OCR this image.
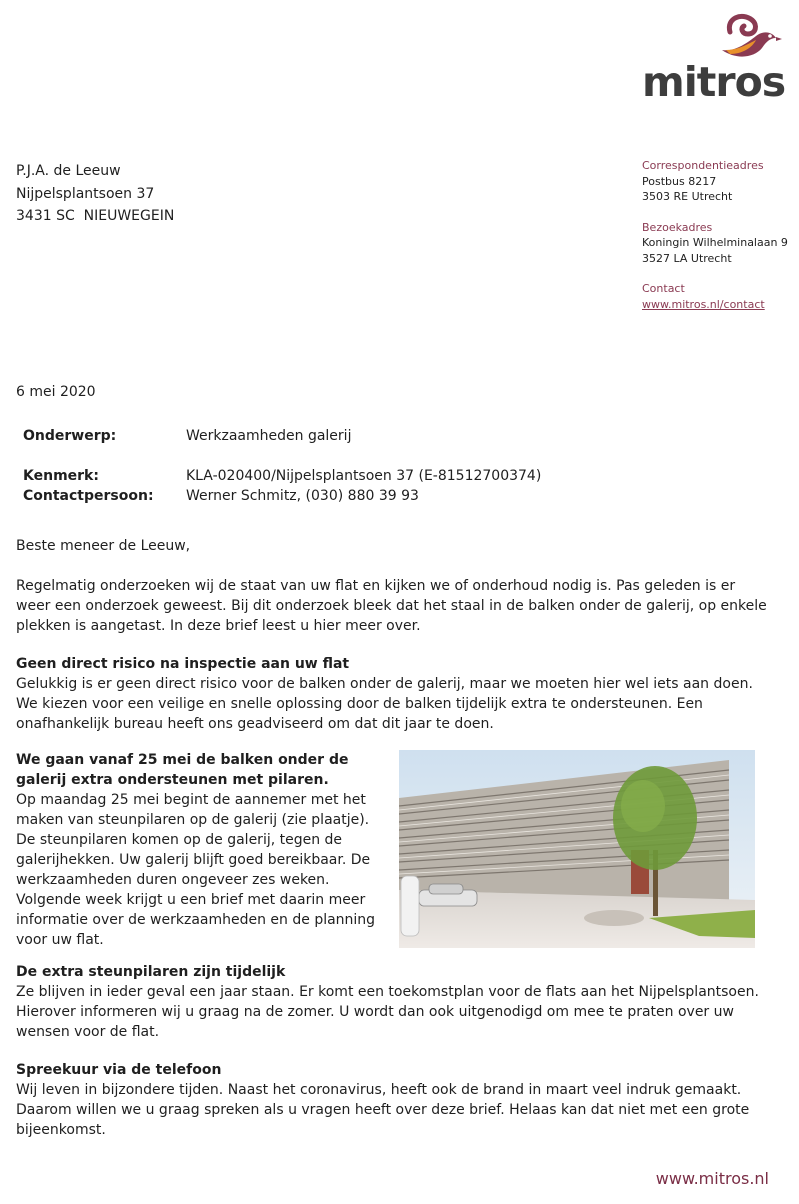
mitros
P.J.A. de Leeuw
Nijpelsplantsoen 37
3431 SC  NIEUWEGEIN
Correspondentieadres
Postbus 8217
3503 RE Utrecht
Bezoekadres
Koningin Wilhelminalaan 9
3527 LA Utrecht
Contact
www.mitros.nl/contact
6 mei 2020
Onderwerp:	Werkzaamheden galerij
Kenmerk:	KLA-020400/Nijpelsplantsoen 37 (E-81512700374)
Contactpersoon: Werner Schmitz, (030) 880 39 93
Beste meneer de Leeuw,
Regelmatig onderzoeken wij de staat van uw flat en kijken we of onderhoud nodig is. Pas geleden is er
weer een onderzoek geweest. Bij dit onderzoek bleek dat het staal in de balken onder de galerij, op enkele
plekken is aangetast. In deze brief leest u hier meer over.
Geen direct risico na inspectie aan uw flat
Gelukkig is er geen direct risico voor de balken onder de galerij, maar we moeten hier wel iets aan doen.
We kiezen voor een veilige en snelle oplossing door de balken tijdelijk extra te ondersteunen. Een
onafhankelijk bureau heeft ons geadviseerd om dat dit jaar te doen.
We gaan vanaf 25 mei de balken onder de
galerij extra ondersteunen met pilaren.
Op maandag 25 mei begint de aannemer met het
maken van steunpilaren op de galerij (zie plaatje).
De steunpilaren komen op de galerij, tegen de
galerijhekken. Uw galerij blijft goed bereikbaar. De
werkzaamheden duren ongeveer zes weken.
Volgende week krijgt u een brief met daarin meer
informatie over de werkzaamheden en de planning
voor uw flat.
De extra steunpilaren zijn tijdelijk
Ze blijven in ieder geval een jaar staan. Er komt een toekomstplan voor de flats aan het Nijpelsplantsoen.
Hierover informeren wij u graag na de zomer. U wordt dan ook uitgenodigd om mee te praten over uw
wensen voor de flat.
Spreekuur via de telefoon
Wij leven in bijzondere tijden. Naast het coronavirus, heeft ook de brand in maart veel indruk gemaakt.
Daarom willen we u graag spreken als u vragen heeft over deze brief. Helaas kan dat niet met een grote
bijeenkomst.
www.mitros.nl
